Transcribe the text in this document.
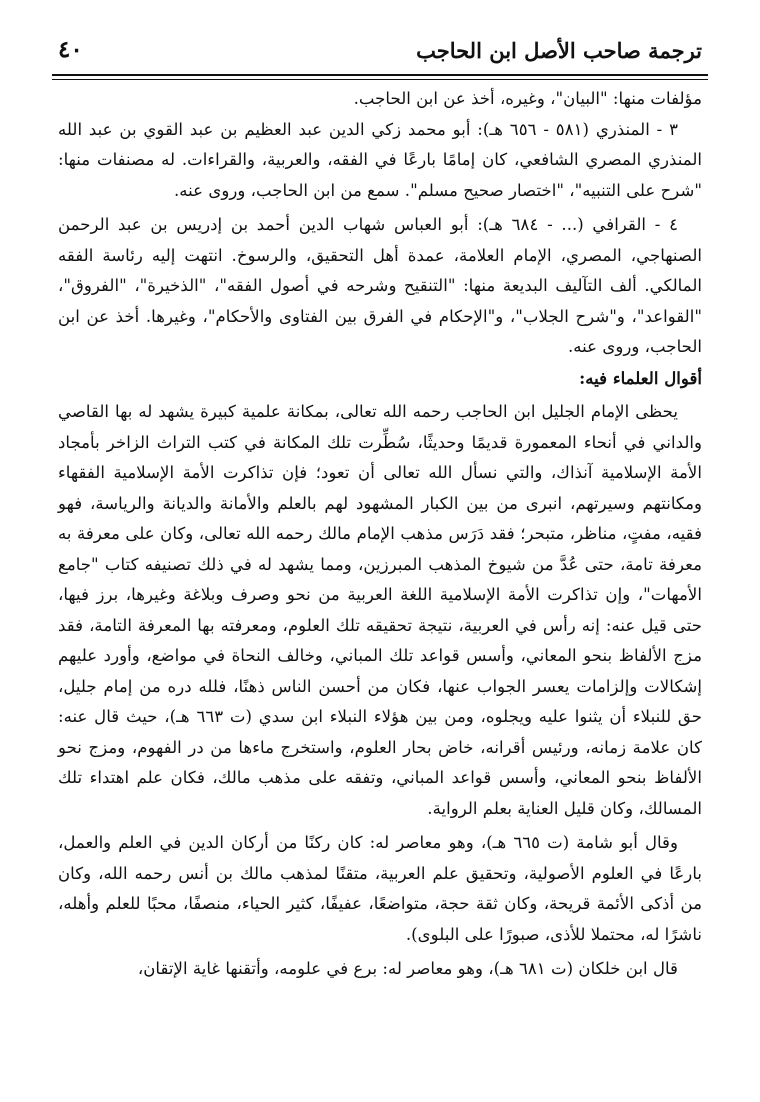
ترجمة صاحب الأصل ابن الحاجب
٤٠

مؤلفات منها: "البيان"، وغيره، أخذ عن ابن الحاجب.

٣ - المنذري (٥٨١ - ٦٥٦ هـ): أبو محمد زكي الدين عبد العظيم بن عبد القوي بن عبد الله المنذري المصري الشافعي، كان إمامًا بارعًا في الفقه، والعربية، والقراءات. له مصنفات منها: "شرح على التنبيه"، "اختصار صحيح مسلم". سمع من ابن الحاجب، وروى عنه.

٤ - القرافي (... - ٦٨٤ هـ): أبو العباس شهاب الدين أحمد بن إدريس بن عبد الرحمن الصنهاجي، المصري، الإمام العلامة، عمدة أهل التحقيق، والرسوخ. انتهت إليه رئاسة الفقه المالكي. ألف التآليف البديعة منها: "التنقيح وشرحه في أصول الفقه"، "الذخيرة"، "الفروق"، "القواعد"، و"شرح الجلاب"، و"الإحكام في الفرق بين الفتاوى والأحكام"، وغيرها. أخذ عن ابن الحاجب، وروى عنه.

أقوال العلماء فيه:

يحظى الإمام الجليل ابن الحاجب رحمه الله تعالى، بمكانة علمية كبيرة يشهد له بها القاصي والداني في أنحاء المعمورة قديمًا وحديثًا، سُطِّرت تلك المكانة في كتب التراث الزاخر بأمجاد الأمة الإسلامية آنذاك، والتي نسأل الله تعالى أن تعود؛ فإن تذاكرت الأمة الإسلامية الفقهاء ومكانتهم وسيرتهم، انبرى من بين الكبار المشهود لهم بالعلم والأمانة والديانة والرياسة، فهو فقيه، مفتٍ، مناظر، متبحر؛ فقد دَرَس مذهب الإمام مالك رحمه الله تعالى، وكان على معرفة به معرفة تامة، حتى عُدَّ من شيوخ المذهب المبرزين، ومما يشهد له في ذلك تصنيفه كتاب "جامع الأمهات"، وإن تذاكرت الأمة الإسلامية اللغة العربية من نحو وصرف وبلاغة وغيرها، برز فيها، حتى قيل عنه: إنه رأس في العربية، نتيجة تحقيقه تلك العلوم، ومعرفته بها المعرفة التامة، فقد مزج الألفاظ بنحو المعاني، وأسس قواعد تلك المباني، وخالف النحاة في مواضع، وأورد عليهم إشكالات وإلزامات يعسر الجواب عنها، فكان من أحسن الناس ذهنًا، فلله دره من إمام جليل، حق للنبلاء أن يثنوا عليه ويجلوه، ومن بين هؤلاء النبلاء ابن سدي (ت ٦٦٣ هـ)، حيث قال عنه: كان علامة زمانه، ورئيس أقرانه، خاض بحار العلوم، واستخرج ماءها من در الفهوم، ومزج نحو الألفاظ بنحو المعاني، وأسس قواعد المباني، وتفقه على مذهب مالك، فكان علم اهتداء تلك المسالك، وكان قليل العناية بعلم الرواية.

وقال أبو شامة (ت ٦٦٥ هـ)، وهو معاصر له: كان ركنًا من أركان الدين في العلم والعمل، بارعًا في العلوم الأصولية، وتحقيق علم العربية، متقنًا لمذهب مالك بن أنس رحمه الله، وكان من أذكى الأئمة قريحة، وكان ثقة حجة، متواضعًا، عفيفًا، كثير الحياء، منصفًا، محبًا للعلم وأهله، ناشرًا له، محتملا للأذى، صبورًا على البلوى).

قال ابن خلكان (ت ٦٨١ هـ)، وهو معاصر له: برع في علومه، وأتقنها غاية الإتقان،
